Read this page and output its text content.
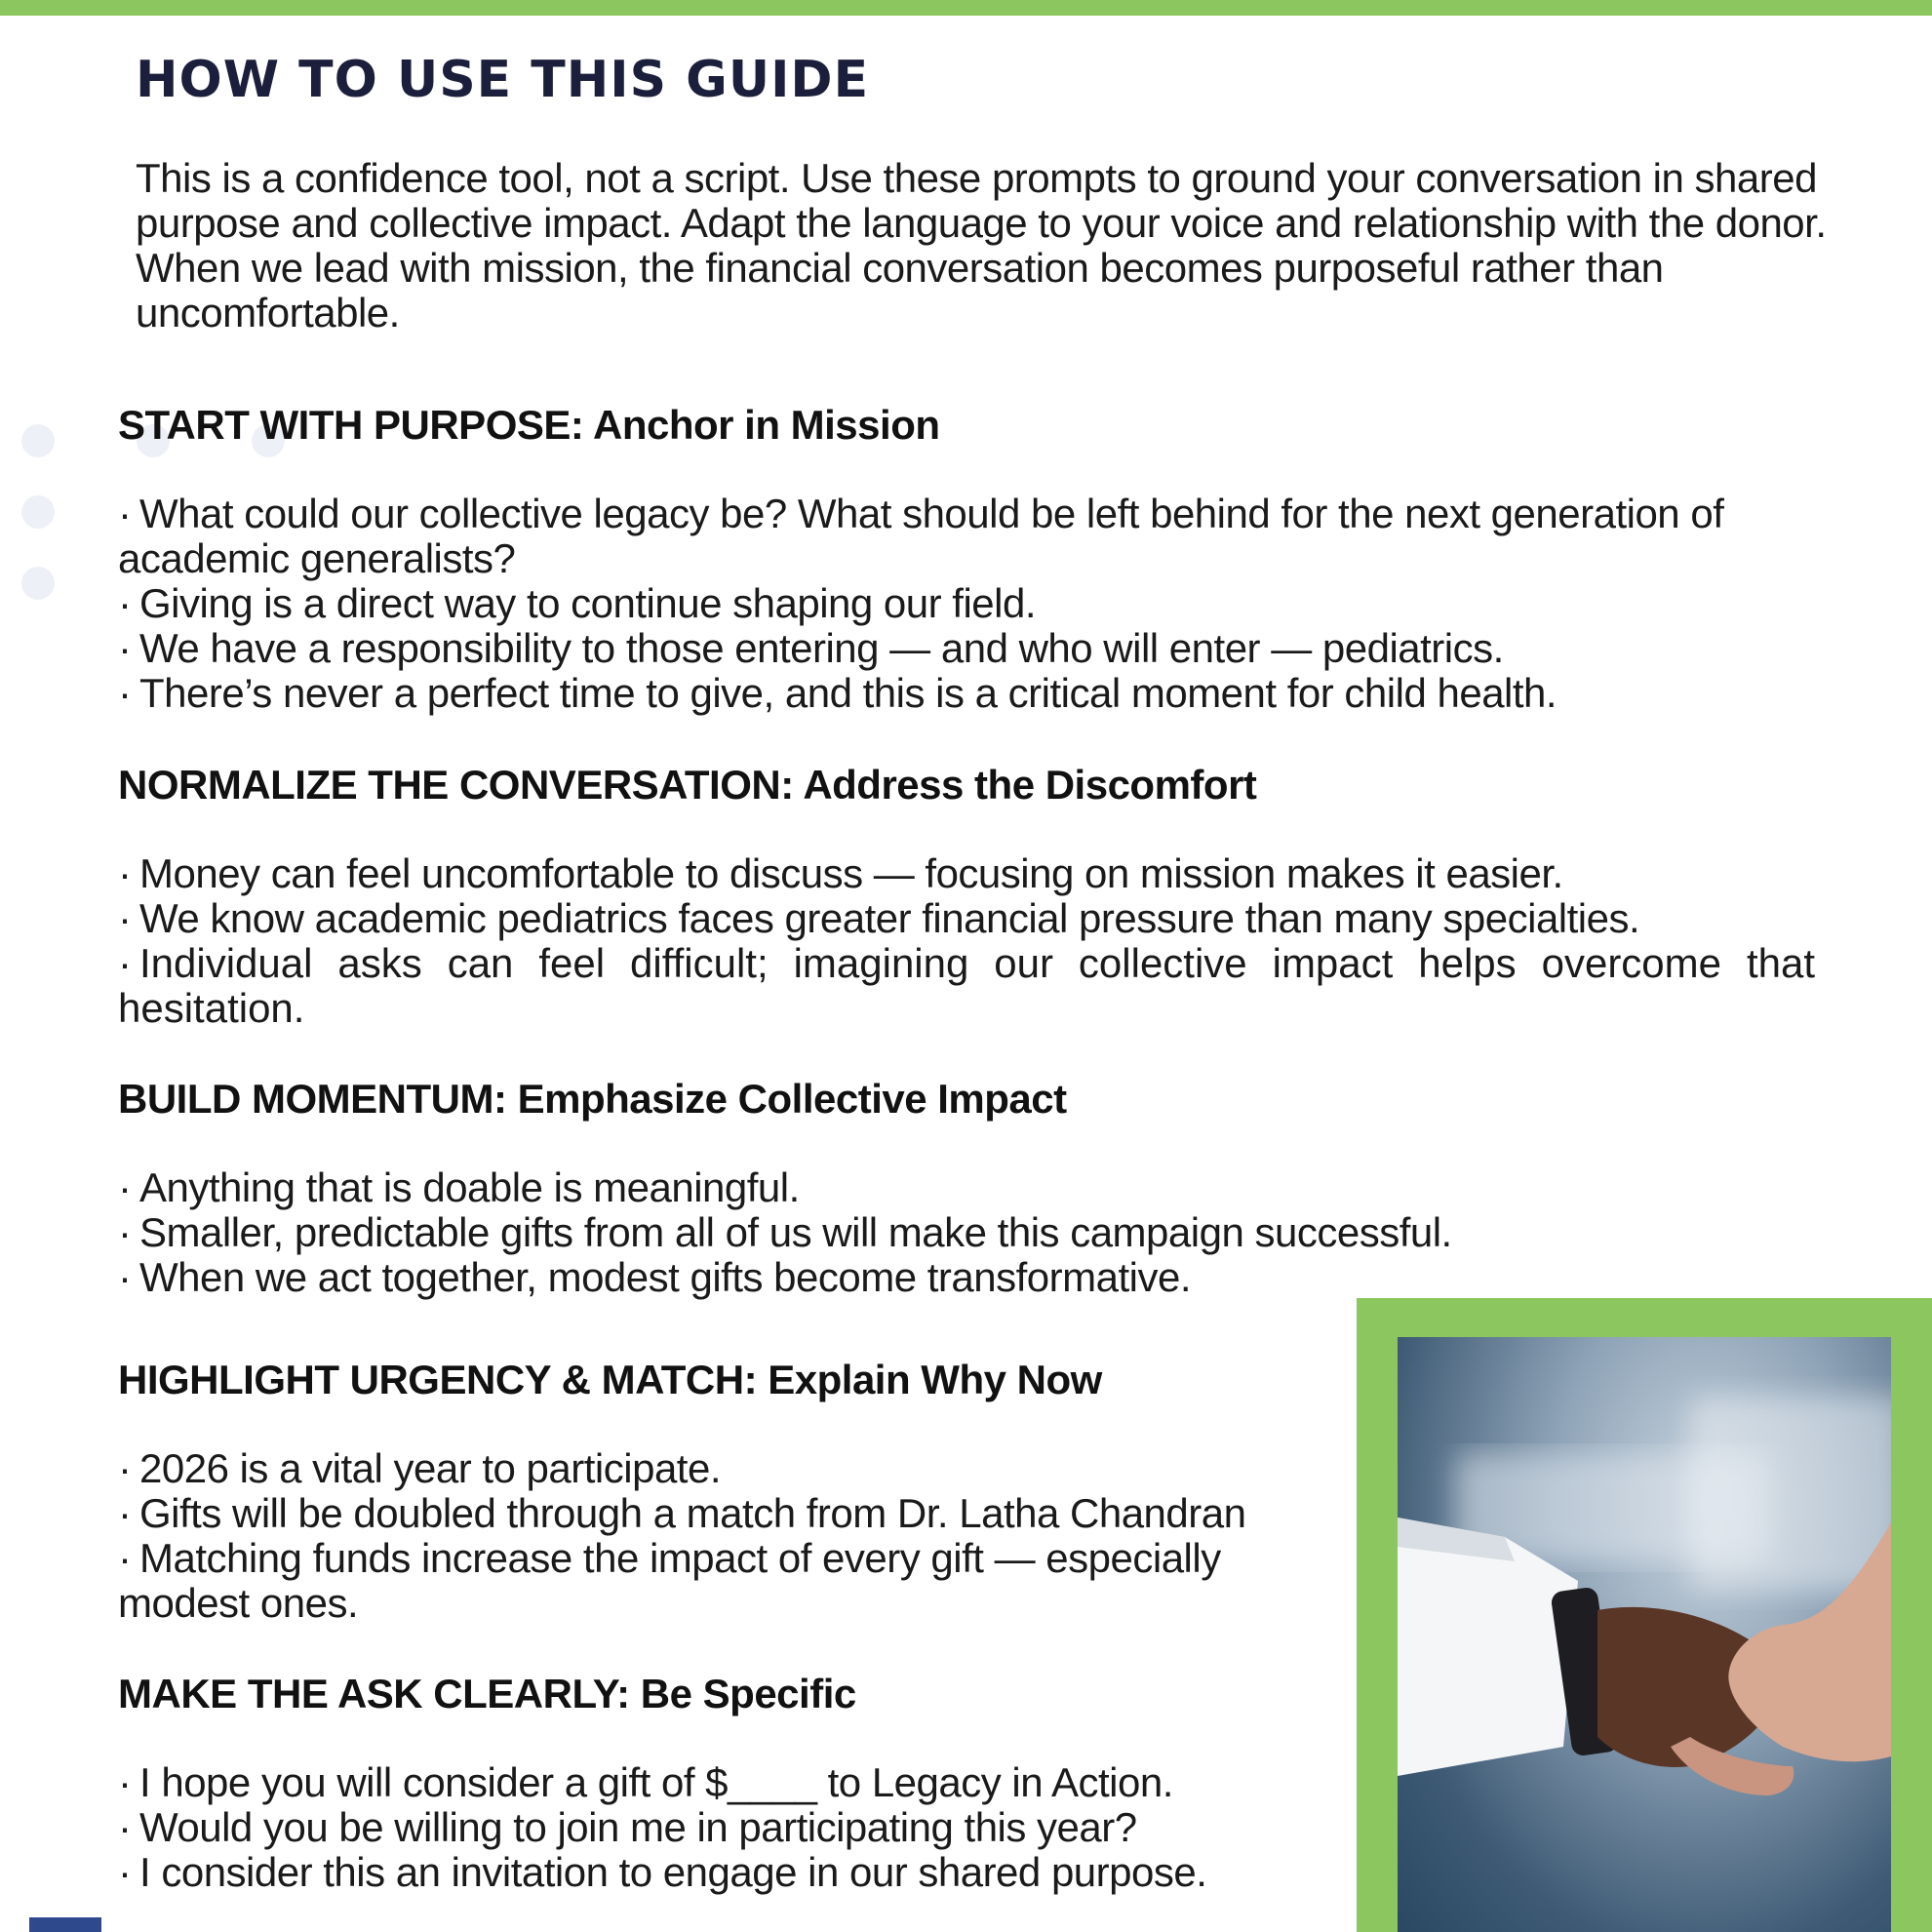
HOW TO USE THIS GUIDE

This is a confidence tool, not a script. Use these prompts to ground your conversation in shared purpose and collective impact. Adapt the language to your voice and relationship with the donor. When we lead with mission, the financial conversation becomes purposeful rather than uncomfortable.

START WITH PURPOSE: Anchor in Mission

· What could our collective legacy be? What should be left behind for the next generation of academic generalists?

· Giving is a direct way to continue shaping our field.

· We have a responsibility to those entering — and who will enter — pediatrics.

· There’s never a perfect time to give, and this is a critical moment for child health.

NORMALIZE THE CONVERSATION: Address the Discomfort

· Money can feel uncomfortable to discuss — focusing on mission makes it easier.

· We know academic pediatrics faces greater financial pressure than many specialties.

· Individual asks can feel difficult; imagining our collective impact helps overcome that hesitation.

BUILD MOMENTUM: Emphasize Collective Impact

· Anything that is doable is meaningful.

· Smaller, predictable gifts from all of us will make this campaign successful.

· When we act together, modest gifts become transformative.

HIGHLIGHT URGENCY & MATCH: Explain Why Now

· 2026 is a vital year to participate.

· Gifts will be doubled through a match from Dr. Latha Chandran

· Matching funds increase the impact of every gift — especially modest ones.

MAKE THE ASK CLEARLY: Be Specific

· I hope you will consider a gift of $____ to Legacy in Action.

· Would you be willing to join me in participating this year?

· I consider this an invitation to engage in our shared purpose.
